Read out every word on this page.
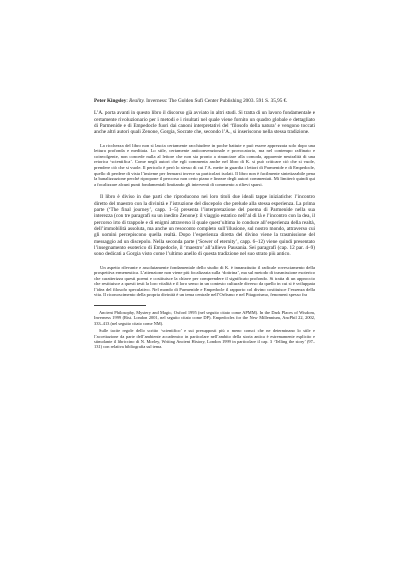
Peter Kingsley: Reality. Inverness: The Golden Sufi Center Publishing 2003. 591 S. 35,95 €.

L’A. porta avanti in questo libro il discorso già avviato in altri studi. Si tratta di un lavoro fondamentale e certamente rivoluzionario per i metodi e i risultati nel quale viene fornito un quadro globale e dettagliato di Parmenide e di Empedocle fuori dai canoni interpretativi del ‘filosofo della natura’ e vengono toccati anche altri autori quali Zenone, Gorgia, Socrate che, secondo l’A., si inseriscono nella stessa tradizione.

La ricchezza del libro non si lascia certamente racchiudere in poche battute e può essere apprezzata solo dopo una lettura profonda e meditata. Lo stile, certamente anticonvenzionale e provocatorio, ma nel contempo raffinato e coinvolgente, non concede nulla al lettore che non sia pronto a rinunciare alla comoda, apparente neutralità di una retorica ‘scientifica’. Come negli autori che egli commenta anche nel libro di K. si può criticare ciò che si vuole, prendere ciò che si vuole. Il pericolo è però lo stesso di cui l’A. mette in guardia i lettori di Parmenide e di Empedocle, quello di perdere di vista l’insieme per fermarsi invece su particolari isolati. Il libro non è facilmente sintetizzabile pena la banalizzazione perché ripropone il percorso non certo piano e lineare degli autori commentati. Mi limiterò quindi qui a focalizzare alcuni punti fondamentali limitando gli interventi di commento a rilievi sparsi.

Il libro è diviso in due parti che riproducono nei loro titoli due ideali tappe iniziatiche: l’incontro diretto del maestro con la divinità e l’istruzione del discepolo che prelude alla stessa esperienza. La prima parte (‘The final journey’, capp. 1–5) presenta l’interpretazione del poema di Parmenide nella sua interezza (con tre paragrafi su un inedito Zenone): il viaggio estatico nell’al di là e l’incontro con la dea, il percorso irto di trappole e di enigmi attraverso il quale quest’ultima lo conduce all’esperienza della realtà, dell’immobilità assoluta, ma anche un resoconto completo sull’illusione, sul nostro mondo, attraverso cui gli uomini percepiscono quella realtà. Dopo l’esperienza diretta del divino viene la trasmissione del messaggio ad un discepolo. Nella seconda parte (‘Sower of eternity’, capp. 6–12) viene quindi presentato l’insegnamento esoterico di Empedocle, il ‘maestro’ all’allievo Pausania. Sei paragrafi (cap. 12 par. 4–9) sono dedicati a Gorgia visto come l’ultimo anello di questa tradizione nel suo strato più antico.

Un aspetto rilevante e assolutamente fondamentale dello studio di K. è innanzitutto il radicale rovesciamento della prospettiva ermeneutica. L’attenzione non viene più focalizzata sulla ‘dottrina’, ma sul metodo di trasmissione esoterico che caratterizza questi poemi e costituisce la chiave per comprendere il significato profondo. Si tratta di un approccio che restituisce a questi testi la loro vitalità e il loro senso in un contesto culturale diverso da quello in cui si è sviluppata l’idea del filosofo speculativo. Nel mondo di Parmenide e Empedocle il rapporto col divino costituisce l’essenza della vita. Il riconoscimento della propria divinità è un tema centrale nell’Orfismo e nel Pitagorismo, fenomeni spesso fra

Ancient Philosophy, Mystery and Magic, Oxford 1995 (nel seguito citato come APMM). In the Dark Places of Wisdom, Inverness 1999 (Rist. London 2001, nel seguito citato come DP). Empedocles for the New Millennium, AncPhil 22, 2002, 333–413 (nel seguito citato come NM).

Sulle tacite regole dello scritto ‘scientifico’ e sui presupposti più o meno consci che ne determinano lo stile e l’accettazione da parte dell’ambiente accademico in particolare nell’ambito della storia antica è estremamente esplicito e stimolante il libriccino di N. Morley, Writing Ancient History, London 1999 in particolare il cap. 3 ‘Telling the story’ (97–131) con relativa bibliografia sul tema.
